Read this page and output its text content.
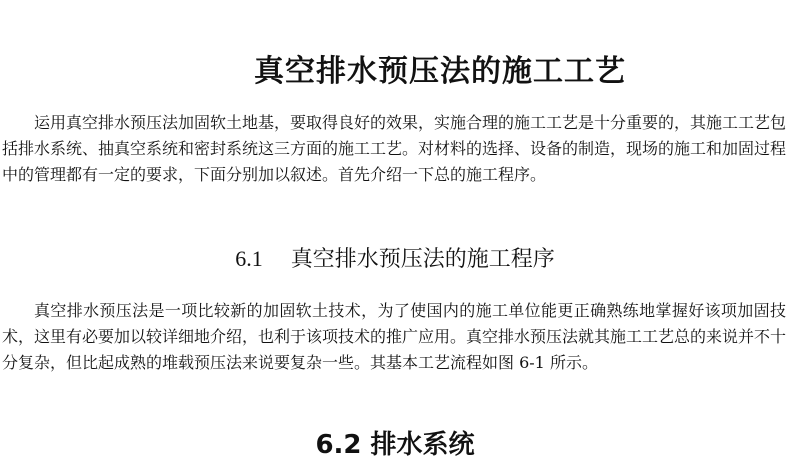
真空排水预压法的施工工艺

运用真空排水预压法加固软土地基，要取得良好的效果，实施合理的施工工艺是十分重要的，其施工工艺包括排水系统、抽真空系统和密封系统这三方面的施工工艺。对材料的选择、设备的制造，现场的施工和加固过程中的管理都有一定的要求，下面分别加以叙述。首先介绍一下总的施工程序。

6.1 真空排水预压法的施工程序

真空排水预压法是一项比较新的加固软土技术，为了使国内的施工单位能更正确熟练地掌握好该项加固技术，这里有必要加以较详细地介绍，也利于该项技术的推广应用。真空排水预压法就其施工工艺总的来说并不十分复杂，但比起成熟的堆载预压法来说要复杂一些。其基本工艺流程如图 6-1 所示。

6.2 排水系统
